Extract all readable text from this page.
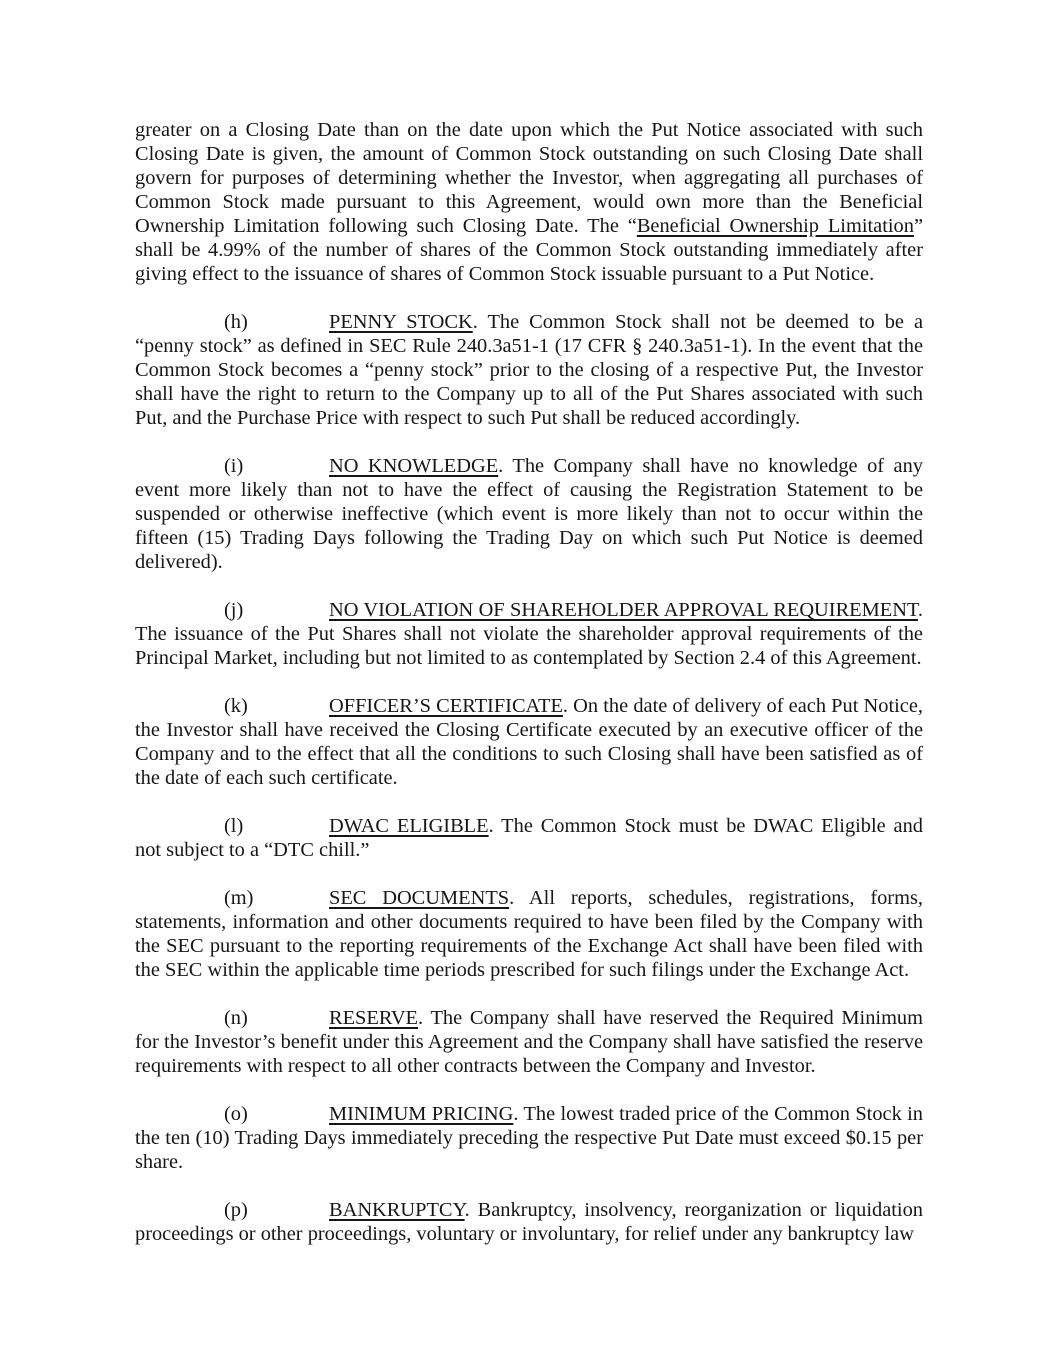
greater on a Closing Date than on the date upon which the Put Notice associated with such Closing Date is given, the amount of Common Stock outstanding on such Closing Date shall govern for purposes of determining whether the Investor, when aggregating all purchases of Common Stock made pursuant to this Agreement, would own more than the Beneficial Ownership Limitation following such Closing Date. The “Beneficial Ownership Limitation” shall be 4.99% of the number of shares of the Common Stock outstanding immediately after giving effect to the issuance of shares of Common Stock issuable pursuant to a Put Notice.

(h)	PENNY STOCK. The Common Stock shall not be deemed to be a “penny stock” as defined in SEC Rule 240.3a51-1 (17 CFR § 240.3a51-1). In the event that the Common Stock becomes a “penny stock” prior to the closing of a respective Put, the Investor shall have the right to return to the Company up to all of the Put Shares associated with such Put, and the Purchase Price with respect to such Put shall be reduced accordingly.

(i)	NO KNOWLEDGE. The Company shall have no knowledge of any event more likely than not to have the effect of causing the Registration Statement to be suspended or otherwise ineffective (which event is more likely than not to occur within the fifteen (15) Trading Days following the Trading Day on which such Put Notice is deemed delivered).

(j)	NO VIOLATION OF SHAREHOLDER APPROVAL REQUIREMENT. The issuance of the Put Shares shall not violate the shareholder approval requirements of the Principal Market, including but not limited to as contemplated by Section 2.4 of this Agreement.

(k)	OFFICER’S CERTIFICATE. On the date of delivery of each Put Notice, the Investor shall have received the Closing Certificate executed by an executive officer of the Company and to the effect that all the conditions to such Closing shall have been satisfied as of the date of each such certificate.

(l)	DWAC ELIGIBLE. The Common Stock must be DWAC Eligible and not subject to a “DTC chill.”

(m)	SEC DOCUMENTS. All reports, schedules, registrations, forms, statements, information and other documents required to have been filed by the Company with the SEC pursuant to the reporting requirements of the Exchange Act shall have been filed with the SEC within the applicable time periods prescribed for such filings under the Exchange Act.

(n)	RESERVE. The Company shall have reserved the Required Minimum for the Investor’s benefit under this Agreement and the Company shall have satisfied the reserve requirements with respect to all other contracts between the Company and Investor.

(o)	MINIMUM PRICING. The lowest traded price of the Common Stock in the ten (10) Trading Days immediately preceding the respective Put Date must exceed $0.15 per share.

(p)	BANKRUPTCY. Bankruptcy, insolvency, reorganization or liquidation proceedings or other proceedings, voluntary or involuntary, for relief under any bankruptcy law
